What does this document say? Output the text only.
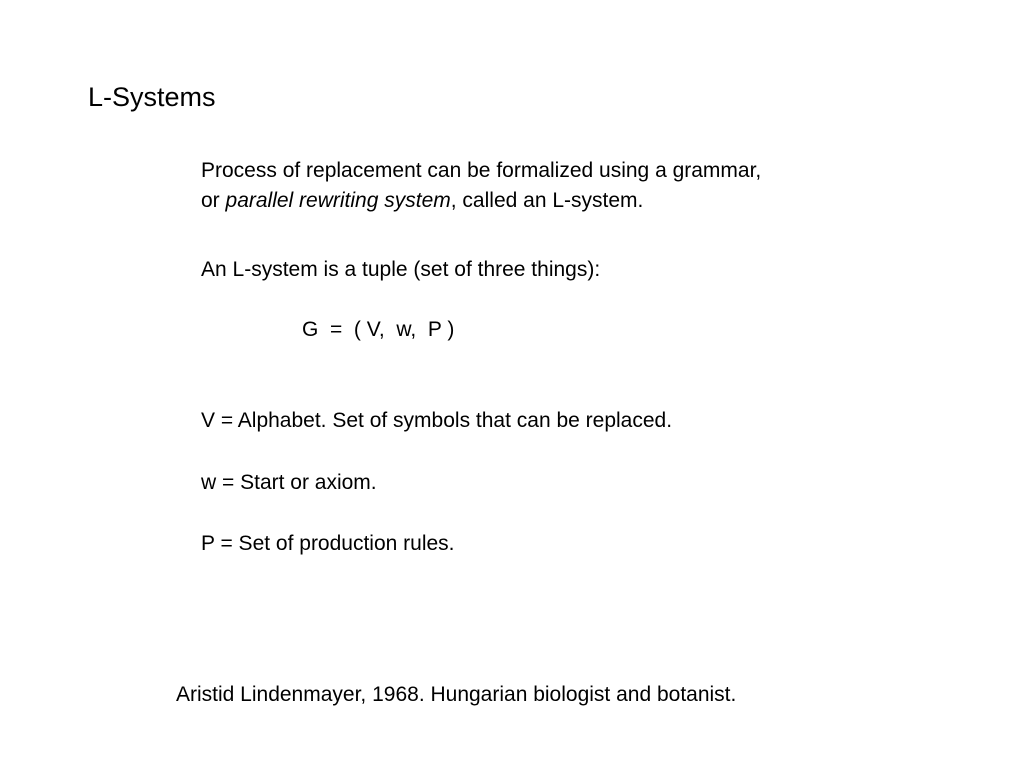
L-Systems
Process of replacement can be formalized using a grammar,
or parallel rewriting system, called an L-system.
An L-system is a tuple (set of three things):
G  =  ( V,  w,  P )
V = Alphabet. Set of symbols that can be replaced.
w = Start or axiom.
P = Set of production rules.
Aristid Lindenmayer, 1968. Hungarian biologist and botanist.
